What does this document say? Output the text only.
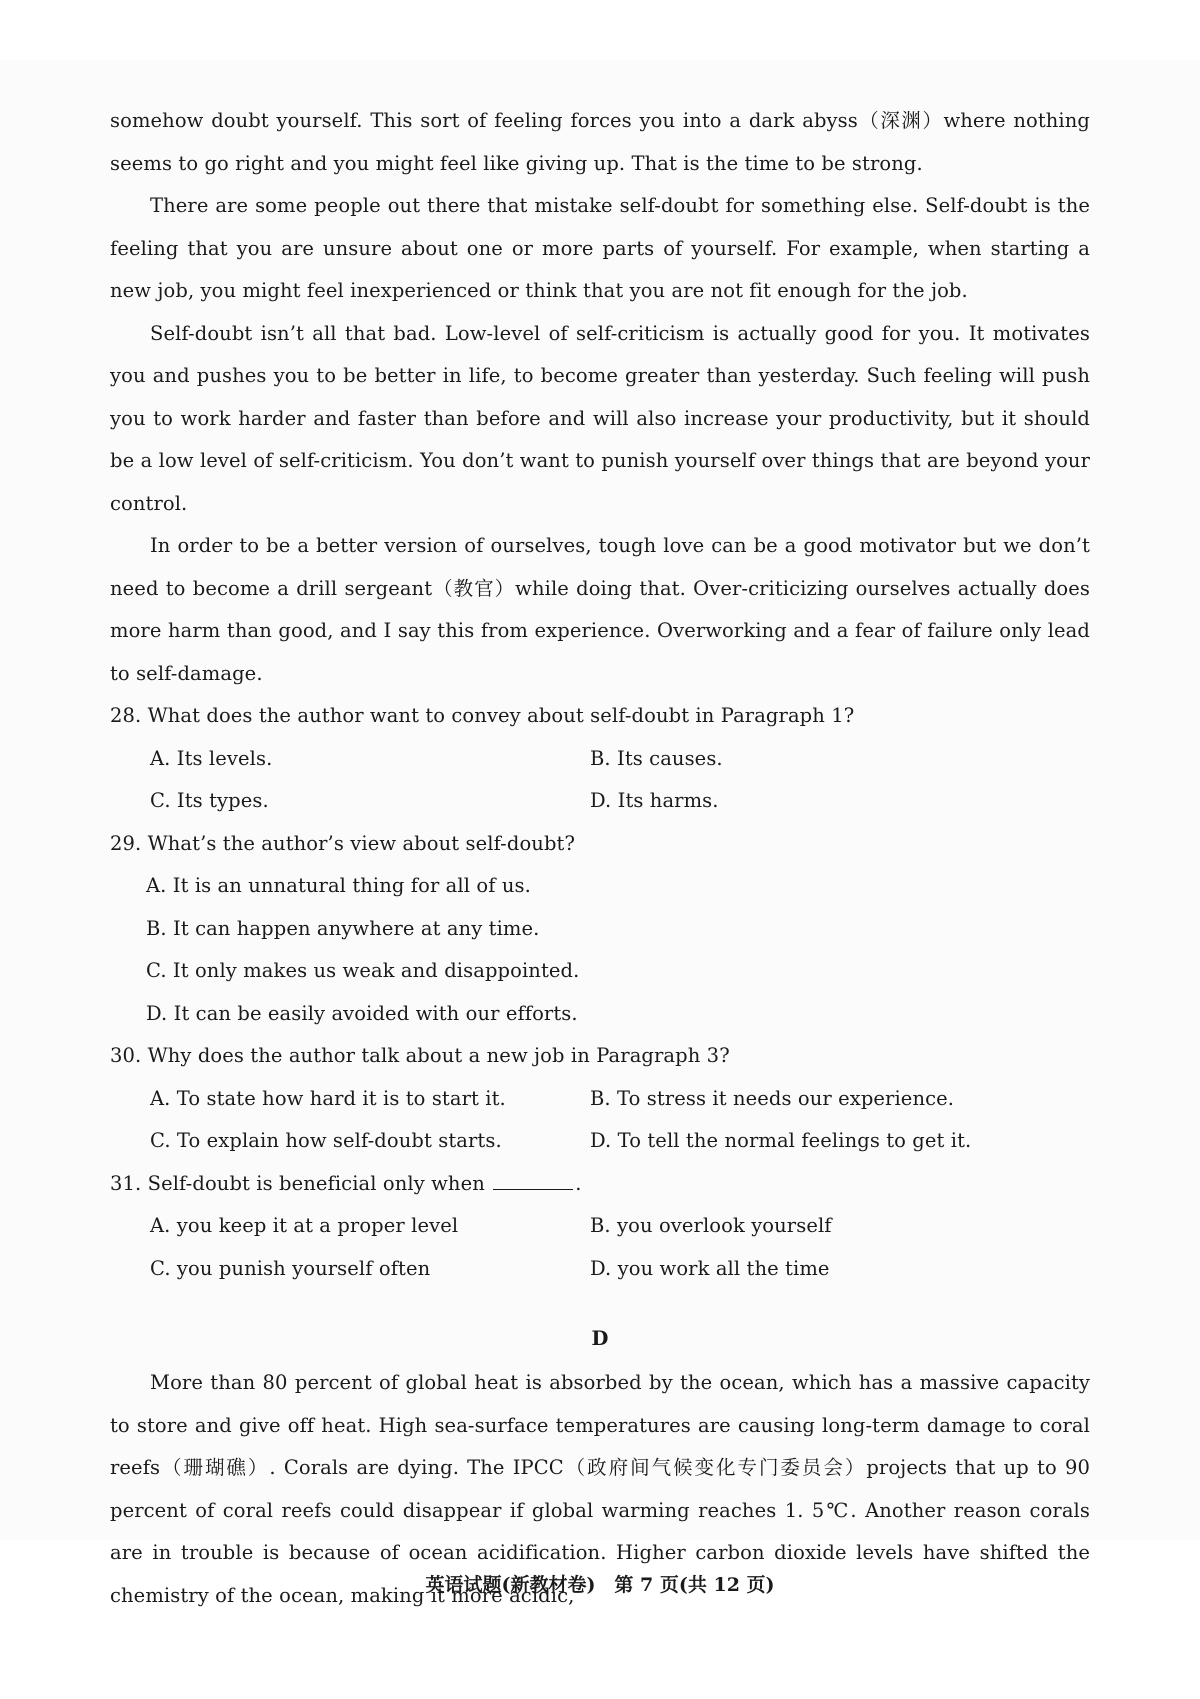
somehow doubt yourself. This sort of feeling forces you into a dark abyss（深渊）where nothing seems to go right and you might feel like giving up. That is the time to be strong.

There are some people out there that mistake self-doubt for something else. Self-doubt is the feeling that you are unsure about one or more parts of yourself. For example, when starting a new job, you might feel inexperienced or think that you are not fit enough for the job.

Self-doubt isn’t all that bad. Low-level of self-criticism is actually good for you. It motivates you and pushes you to be better in life, to become greater than yesterday. Such feeling will push you to work harder and faster than before and will also increase your productivity, but it should be a low level of self-criticism. You don’t want to punish yourself over things that are beyond your control.

In order to be a better version of ourselves, tough love can be a good motivator but we don’t need to become a drill sergeant（教官）while doing that. Over-criticizing ourselves actually does more harm than good, and I say this from experience. Overworking and a fear of failure only lead to self-damage.

28. What does the author want to convey about self-doubt in Paragraph 1?

A. Its levels.	B. Its causes.

C. Its types.	D. Its harms.

29. What’s the author’s view about self-doubt?

A. It is an unnatural thing for all of us.

B. It can happen anywhere at any time.

C. It only makes us weak and disappointed.

D. It can be easily avoided with our efforts.

30. Why does the author talk about a new job in Paragraph 3?

A. To state how hard it is to start it.	B. To stress it needs our experience.

C. To explain how self-doubt starts.	D. To tell the normal feelings to get it.

31. Self-doubt is beneficial only when	.

A. you keep it at a proper level	B. you overlook yourself

C. you punish yourself often	D. you work all the time

D

More than 80 percent of global heat is absorbed by the ocean, which has a massive capacity to store and give off heat. High sea-surface temperatures are causing long-term damage to coral reefs（珊瑚礁）. Corals are dying. The IPCC（政府间气候变化专门委员会）projects that up to 90 percent of coral reefs could disappear if global warming reaches 1. 5℃. Another reason corals are in trouble is because of ocean acidification. Higher carbon dioxide levels have shifted the chemistry of the ocean, making it more acidic,

英语试题(新教材卷)　第 7 页(共 12 页)
